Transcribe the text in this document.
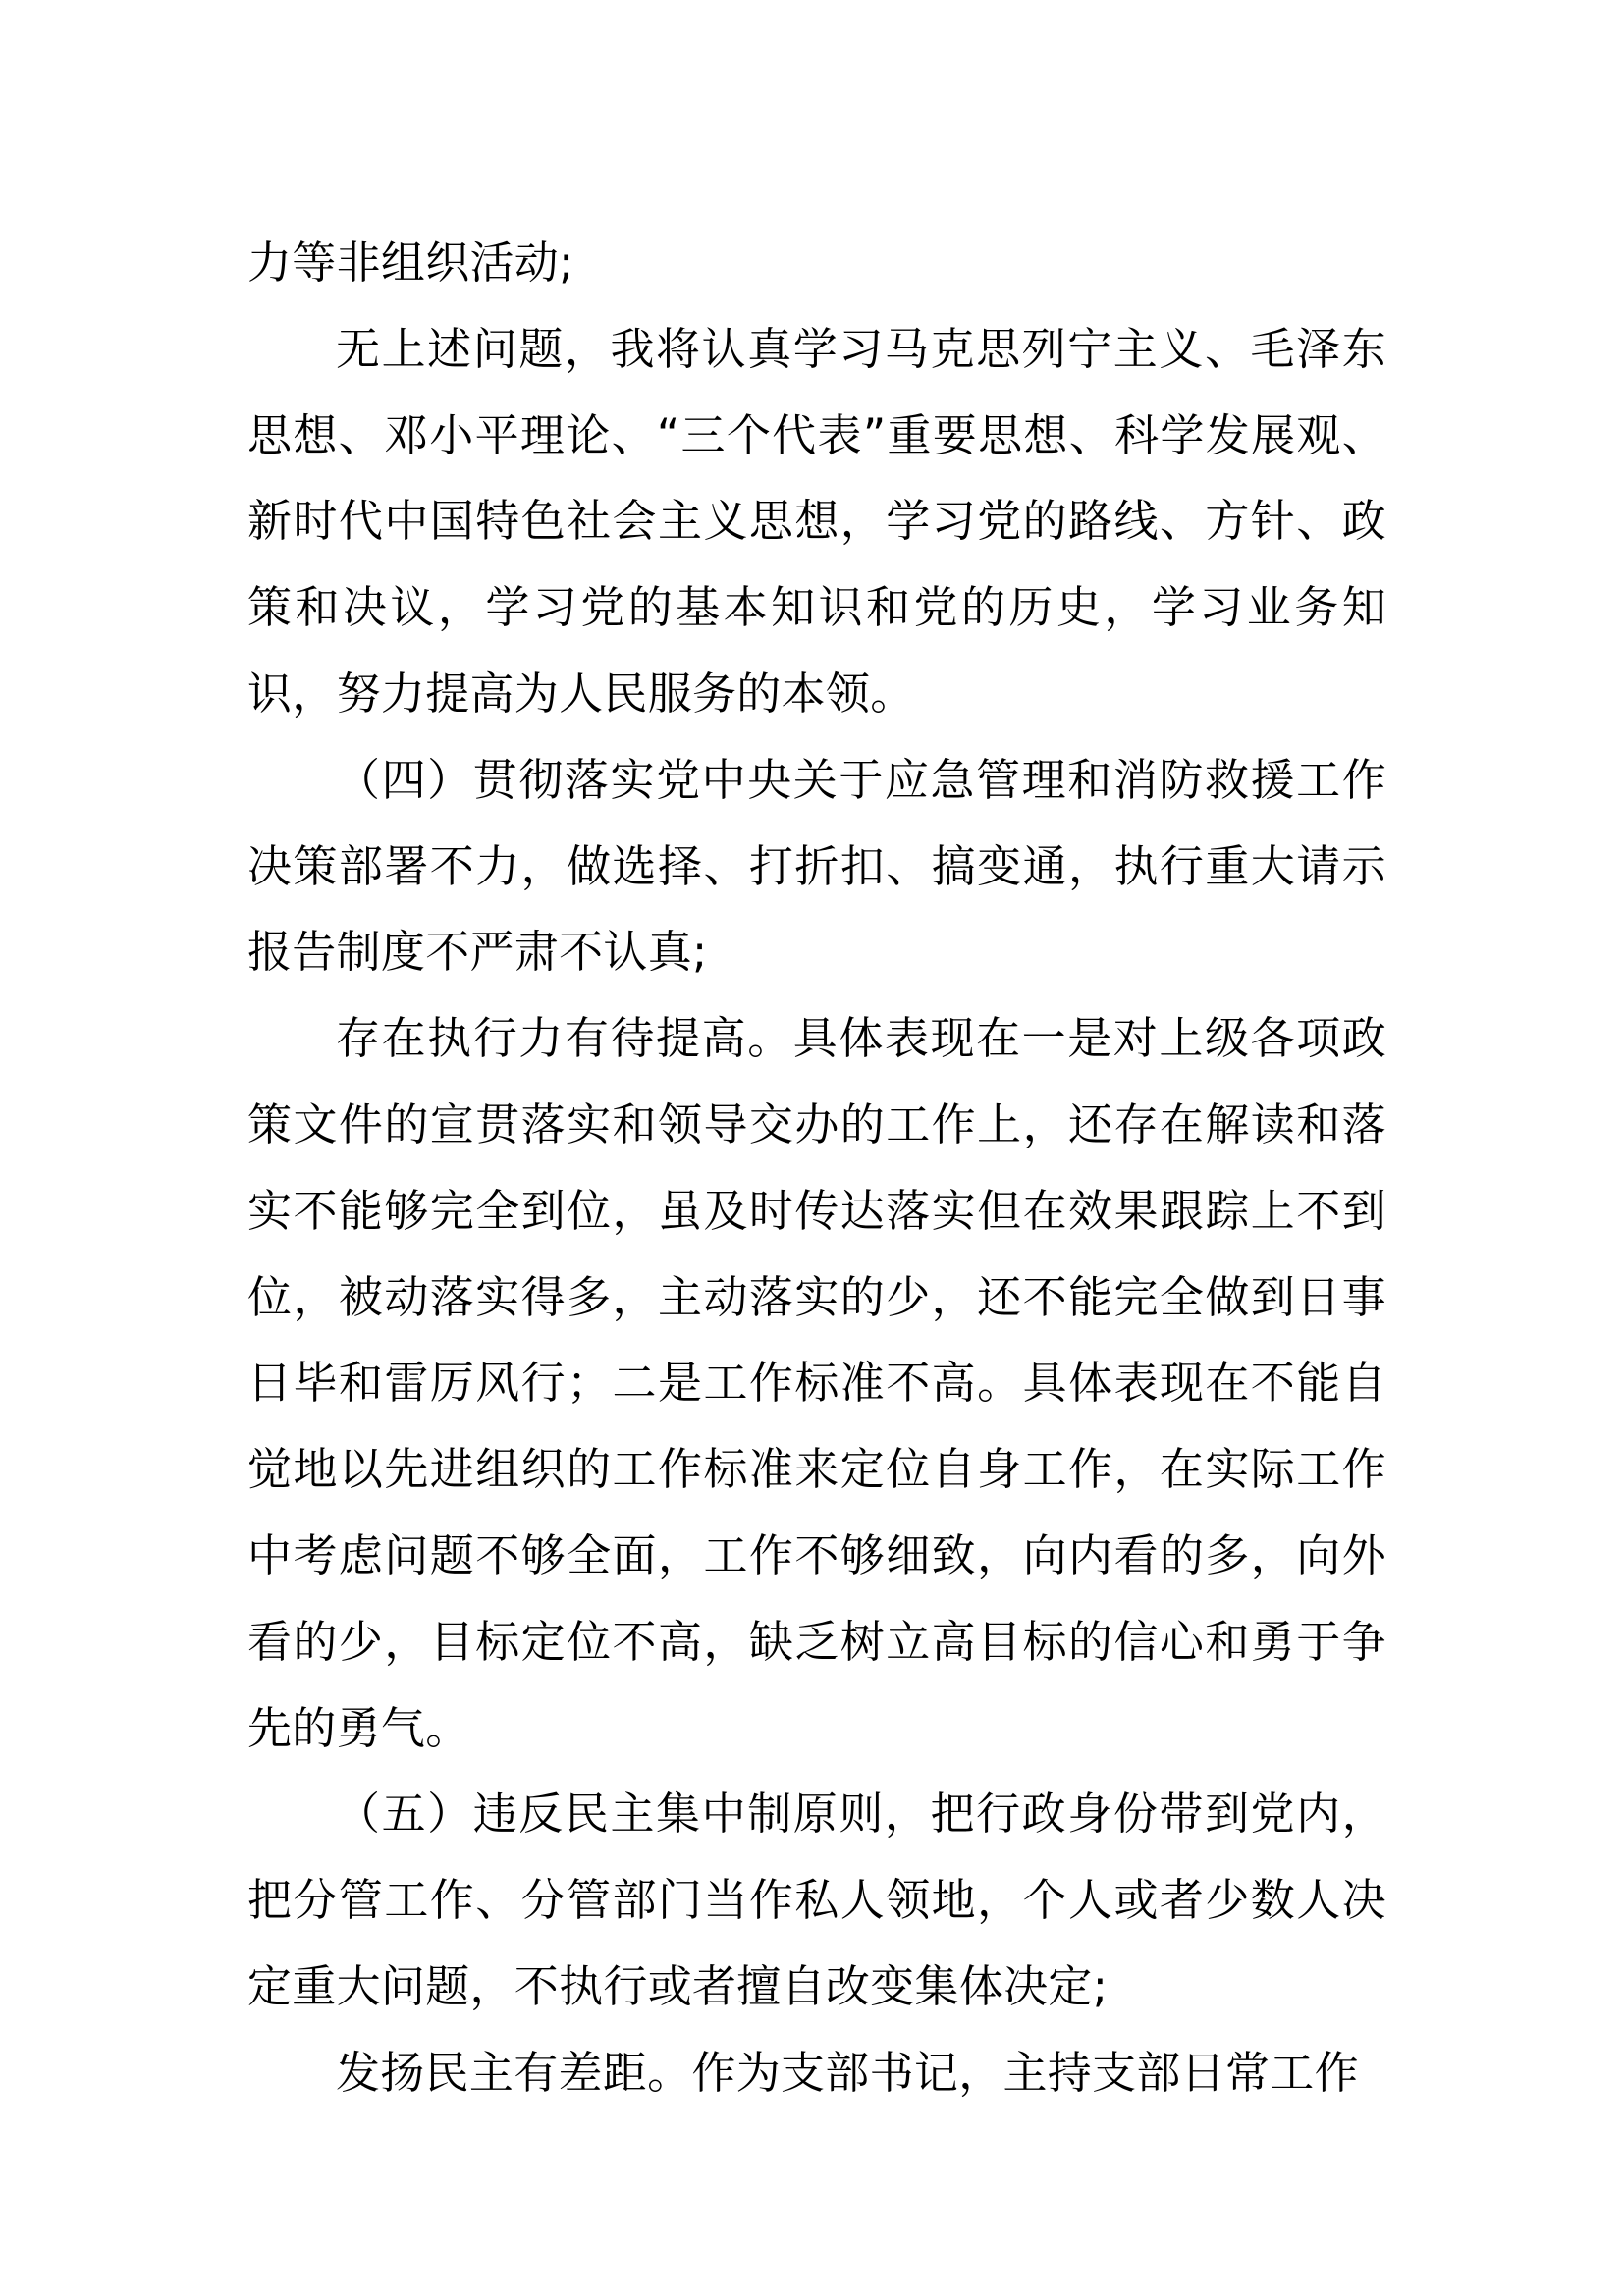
力等非组织活动;

无上述问题，我将认真学习马克思列宁主义、毛泽东思想、邓小平理论、“三个代表”重要思想、科学发展观、新时代中国特色社会主义思想，学习党的路线、方针、政策和决议，学习党的基本知识和党的历史，学习业务知识，努力提高为人民服务的本领。

（四）贯彻落实党中央关于应急管理和消防救援工作决策部署不力，做选择、打折扣、搞变通，执行重大请示报告制度不严肃不认真;

存在执行力有待提高。具体表现在一是对上级各项政策文件的宣贯落实和领导交办的工作上，还存在解读和落实不能够完全到位，虽及时传达落实但在效果跟踪上不到位，被动落实得多，主动落实的少，还不能完全做到日事日毕和雷厉风行；二是工作标准不高。具体表现在不能自觉地以先进组织的工作标准来定位自身工作，在实际工作中考虑问题不够全面，工作不够细致，向内看的多，向外看的少，目标定位不高，缺乏树立高目标的信心和勇于争先的勇气。

（五）违反民主集中制原则，把行政身份带到党内，把分管工作、分管部门当作私人领地，个人或者少数人决定重大问题，不执行或者擅自改变集体决定;

发扬民主有差距。作为支部书记，主持支部日常工作
